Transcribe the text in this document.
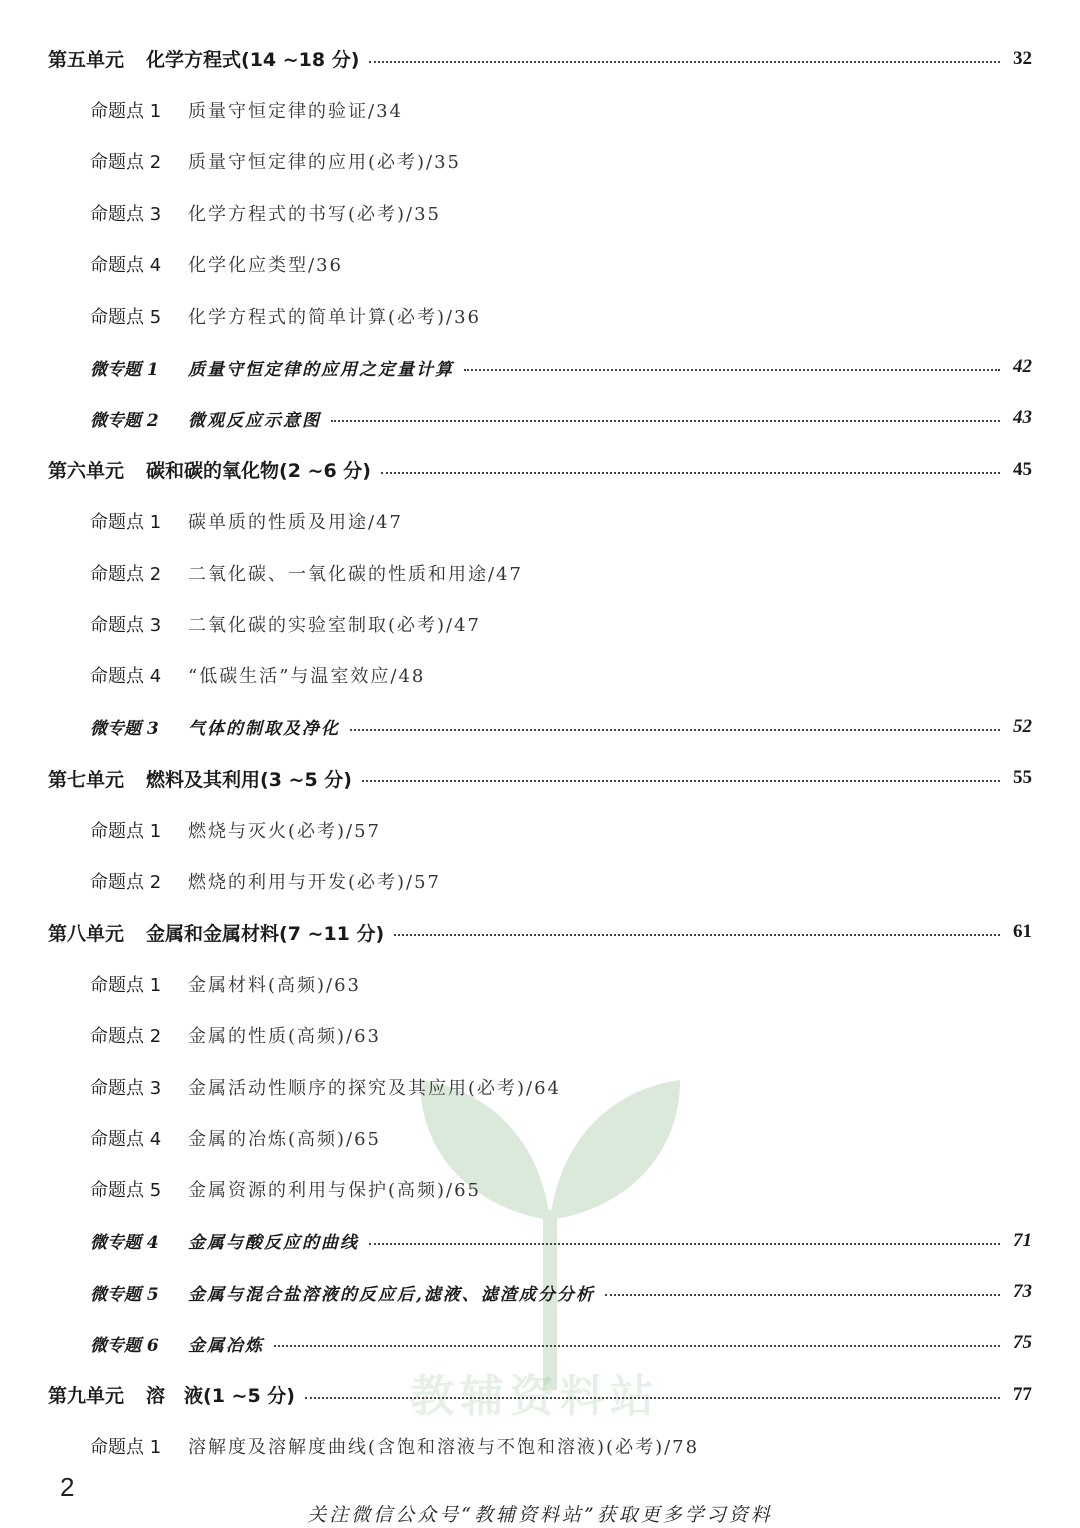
教辅资料站
第五单元 化学方程式(14 ~18 分)	32
命题点 1	质量守恒定律的验证/34
命题点 2	质量守恒定律的应用(必考)/35
命题点 3	化学方程式的书写(必考)/35
命题点 4	化学化应类型/36
命题点 5	化学方程式的简单计算(必考)/36
微专题 1	质量守恒定律的应用之定量计算	42
微专题 2	微观反应示意图	43
第六单元 碳和碳的氧化物(2 ~6 分)	45
命题点 1	碳单质的性质及用途/47
命题点 2	二氧化碳、一氧化碳的性质和用途/47
命题点 3	二氧化碳的实验室制取(必考)/47
命题点 4	“低碳生活”与温室效应/48
微专题 3	气体的制取及净化	52
第七单元 燃料及其利用(3 ~5 分)	55
命题点 1	燃烧与灭火(必考)/57
命题点 2	燃烧的利用与开发(必考)/57
第八单元 金属和金属材料(7 ~11 分)	61
命题点 1	金属材料(高频)/63
命题点 2	金属的性质(高频)/63
命题点 3	金属活动性顺序的探究及其应用(必考)/64
命题点 4	金属的冶炼(高频)/65
命题点 5	金属资源的利用与保护(高频)/65
微专题 4	金属与酸反应的曲线	71
微专题 5	金属与混合盐溶液的反应后,滤液、滤渣成分分析	73
微专题 6	金属冶炼	75
第九单元 溶　液(1 ~5 分)	77
命题点 1	溶解度及溶解度曲线(含饱和溶液与不饱和溶液)(必考)/78
2
关注微信公众号“教辅资料站”获取更多学习资料
